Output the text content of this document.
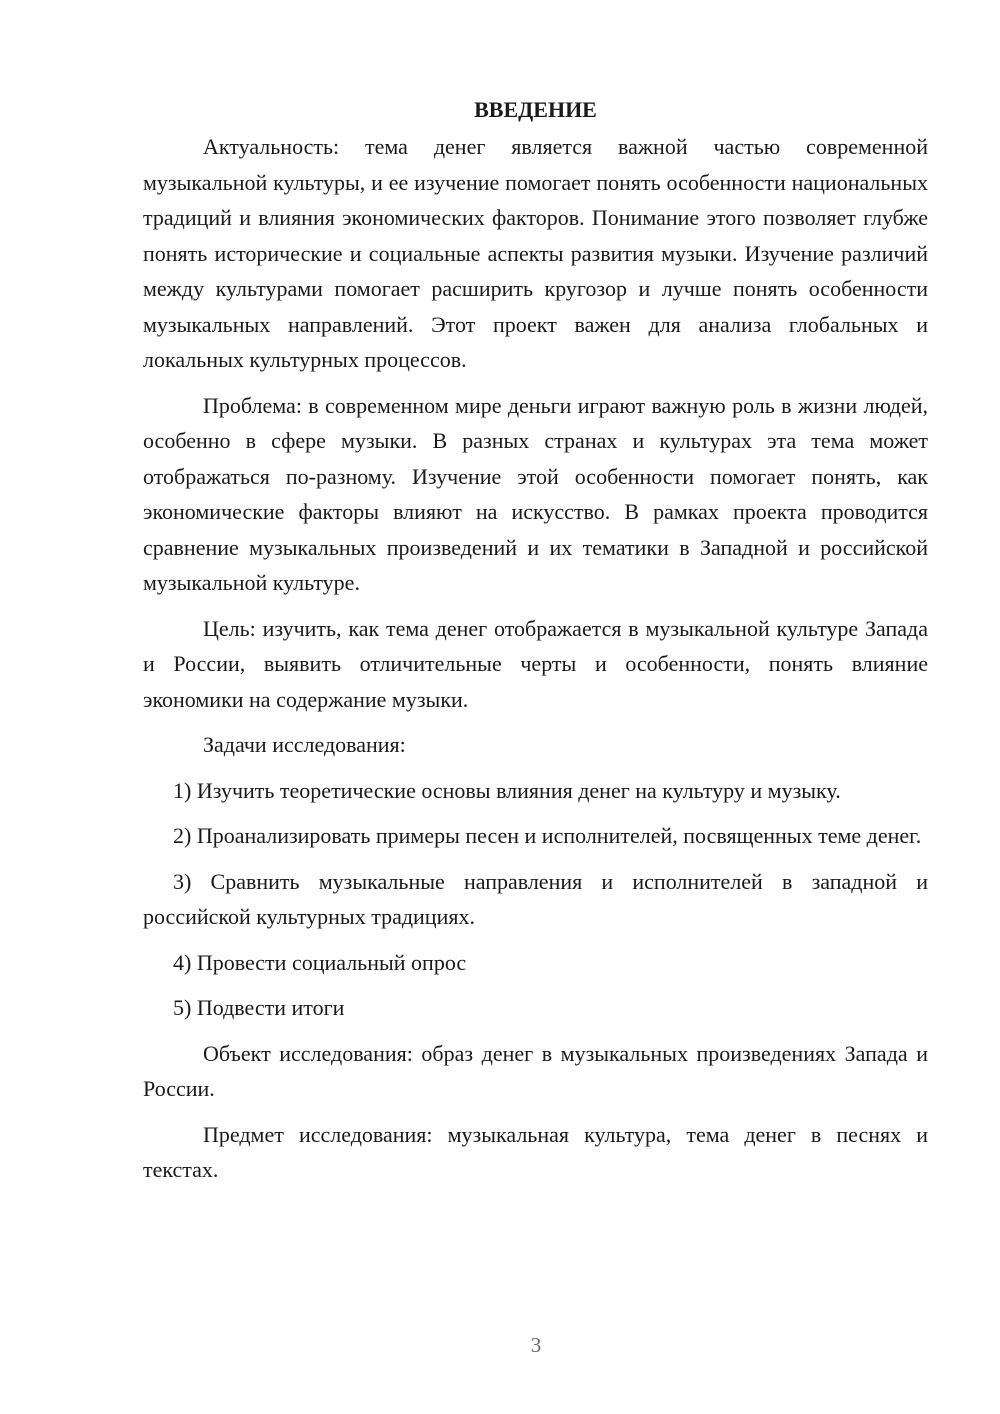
ВВЕДЕНИЕ

Актуальность: тема денег является важной частью современной музыкальной культуры, и ее изучение помогает понять особенности национальных традиций и влияния экономических факторов. Понимание этого позволяет глубже понять исторические и социальные аспекты развития музыки. Изучение различий между культурами помогает расширить кругозор и лучше понять особенности музыкальных направлений. Этот проект важен для анализа глобальных и локальных культурных процессов.

Проблема: в современном мире деньги играют важную роль в жизни людей, особенно в сфере музыки. В разных странах и культурах эта тема может отображаться по-разному. Изучение этой особенности помогает понять, как экономические факторы влияют на искусство. В рамках проекта проводится сравнение музыкальных произведений и их тематики в Западной и российской музыкальной культуре.

Цель: изучить, как тема денег отображается в музыкальной культуре Запада и России, выявить отличительные черты и особенности, понять влияние экономики на содержание музыки.

Задачи исследования:

1) Изучить теоретические основы влияния денег на культуру и музыку.

2) Проанализировать примеры песен и исполнителей, посвященных теме денег.

3) Сравнить музыкальные направления и исполнителей в западной и российской культурных традициях.

4) Провести социальный опрос

5) Подвести итоги

Объект исследования: образ денег в музыкальных произведениях Запада и России.

Предмет исследования: музыкальная культура, тема денег в песнях и текстах.

3
